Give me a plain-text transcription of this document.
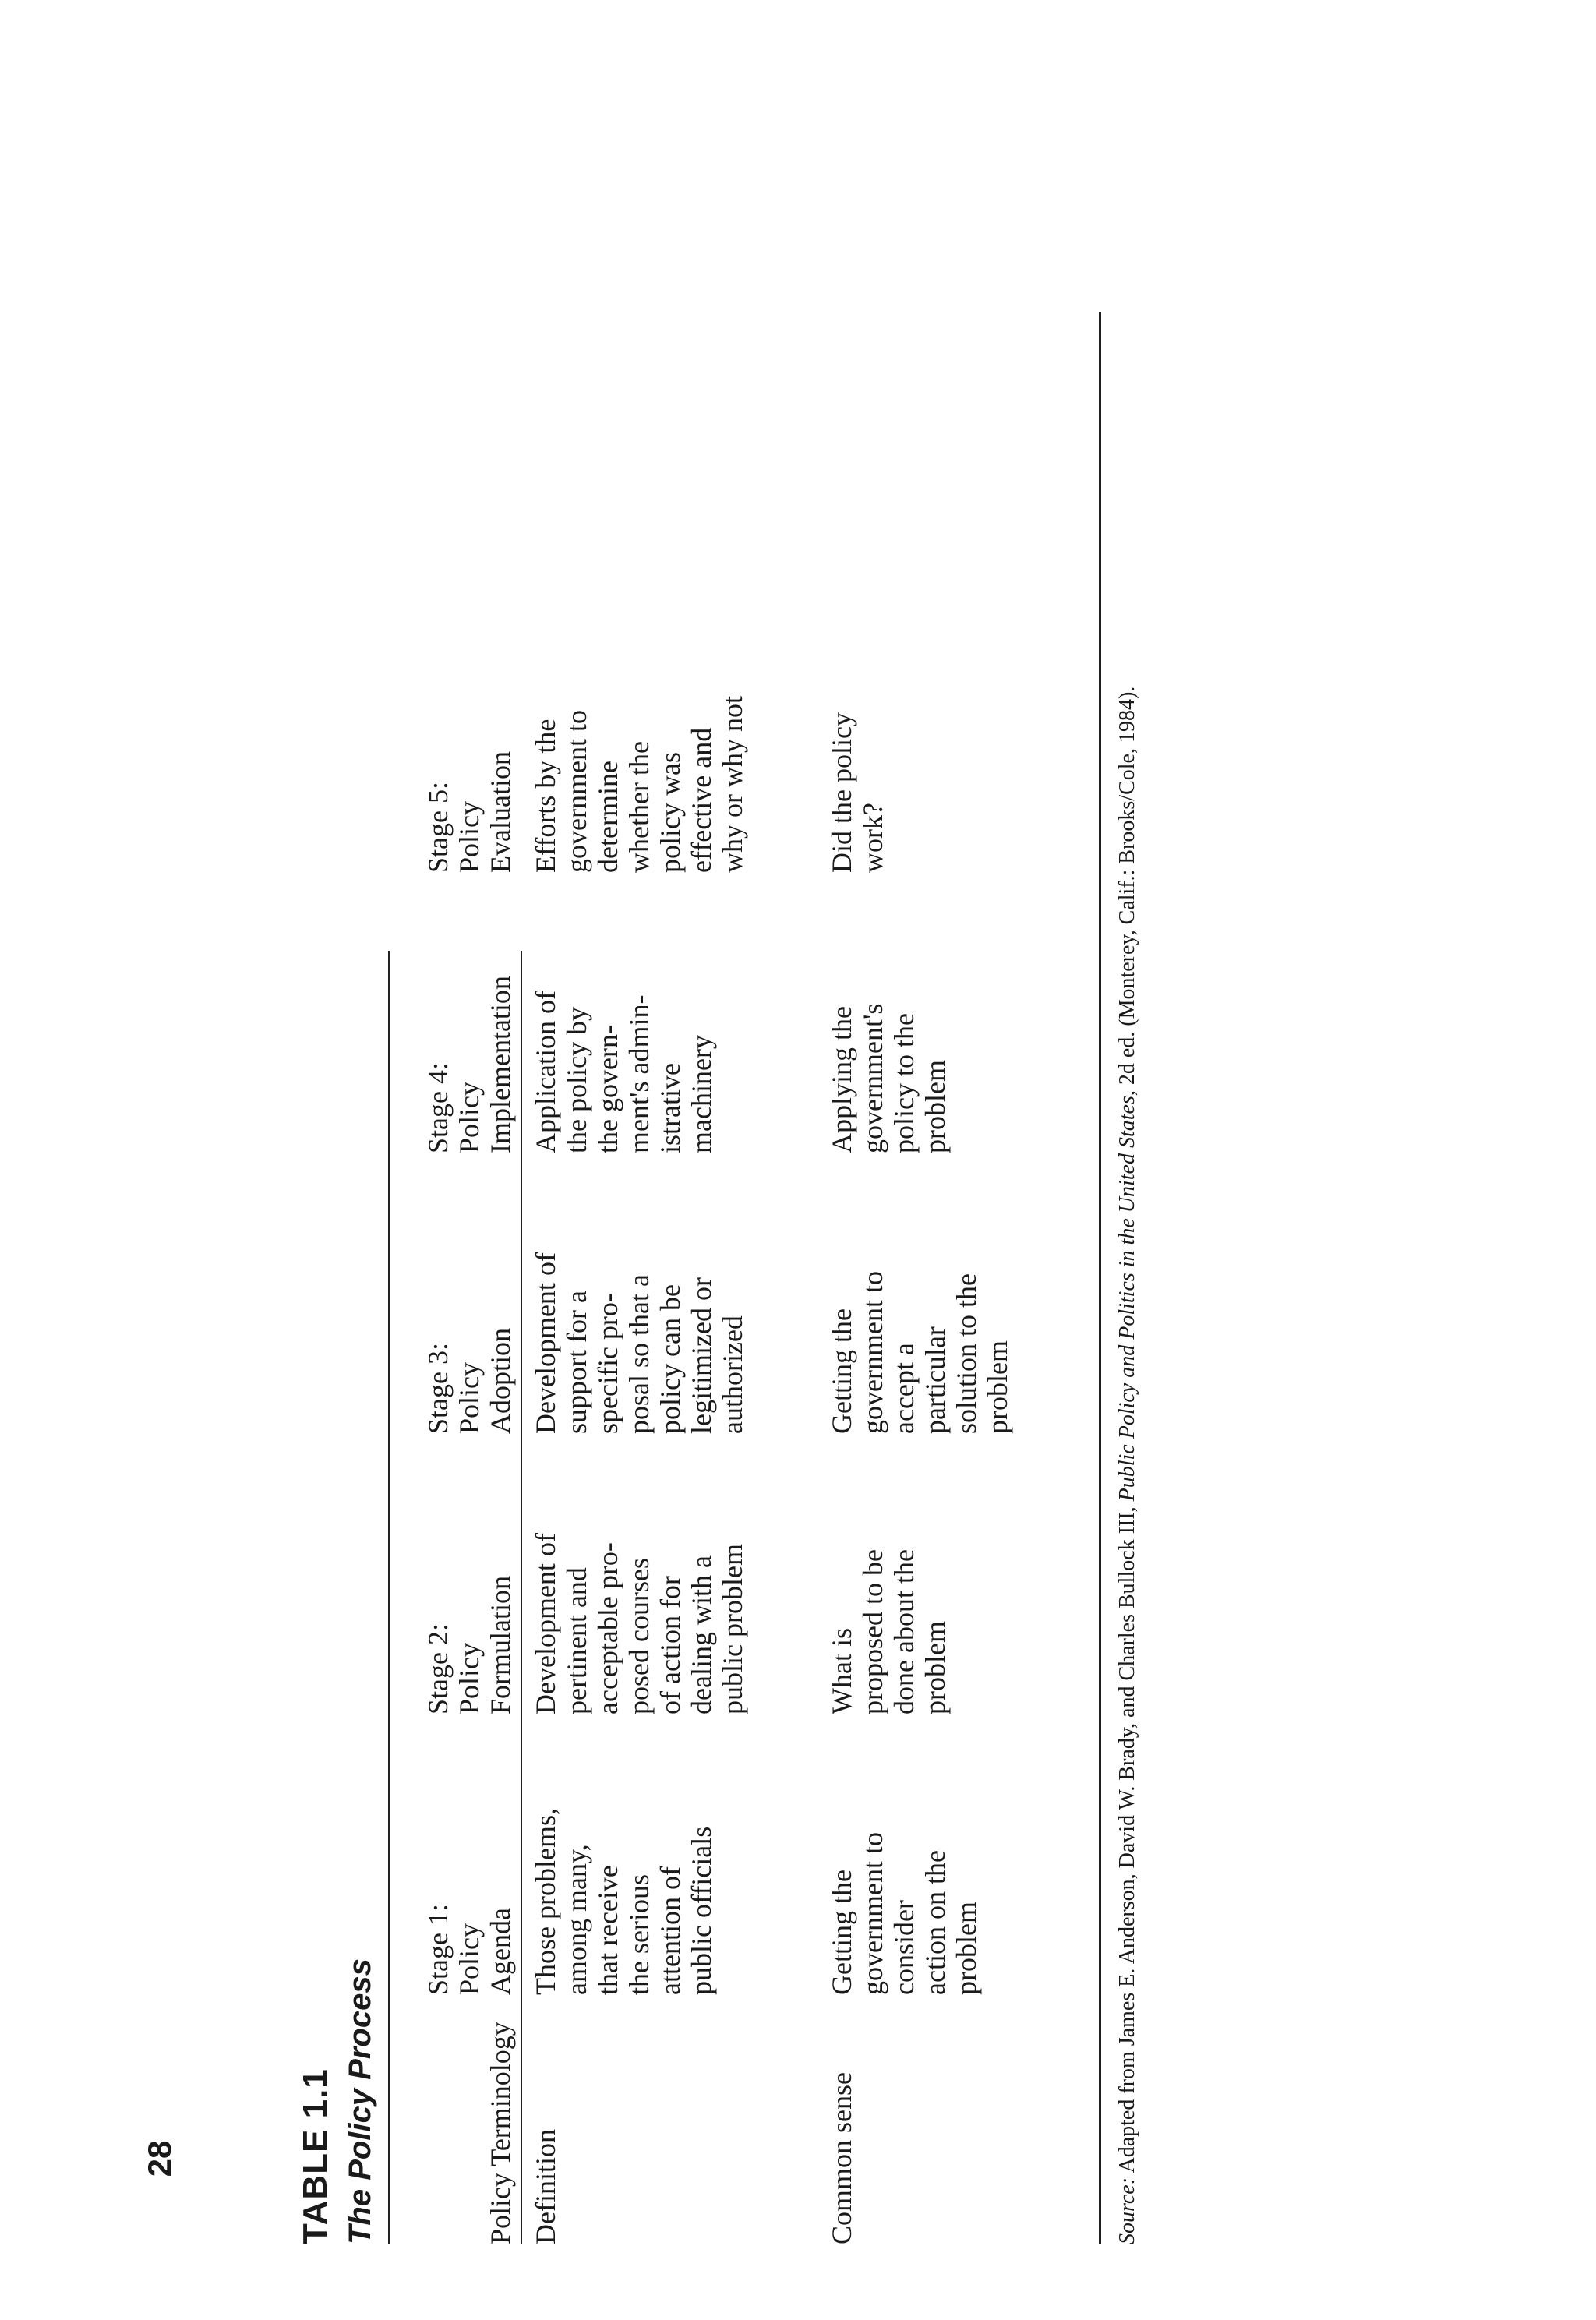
28	TABLE 1.1 The Policy Process	Policy Terminology
Stage 1: Policy Agenda
Stage 2: Policy Formulation
Stage 3: Policy Adoption
Stage 4: Policy Implementation
Stage 5: Policy Evaluation
Definition
Those problems, among many, that receive the serious attention of public officials
Development of pertinent and acceptable pro- posed courses of action for dealing with a public problem
Development of support for a specific pro- posal so that a policy can be legitimized or authorized
Application of the policy by the govern- ment's admin- istrative machinery
Efforts by the government to determine whether the policy was effective and why or why not
Common sense
Getting the government to consider action on the problem
What is proposed to be done about the problem
Getting the government to accept a particular solution to the problem
Applying the government's policy to the problem
Did the policy work?
Source: Adapted from James E. Anderson, David W. Brady, and Charles Bullock III, Public Policy and Politics in the United States, 2d ed. (Monterey, Calif.: Brooks/Cole, 1984).
